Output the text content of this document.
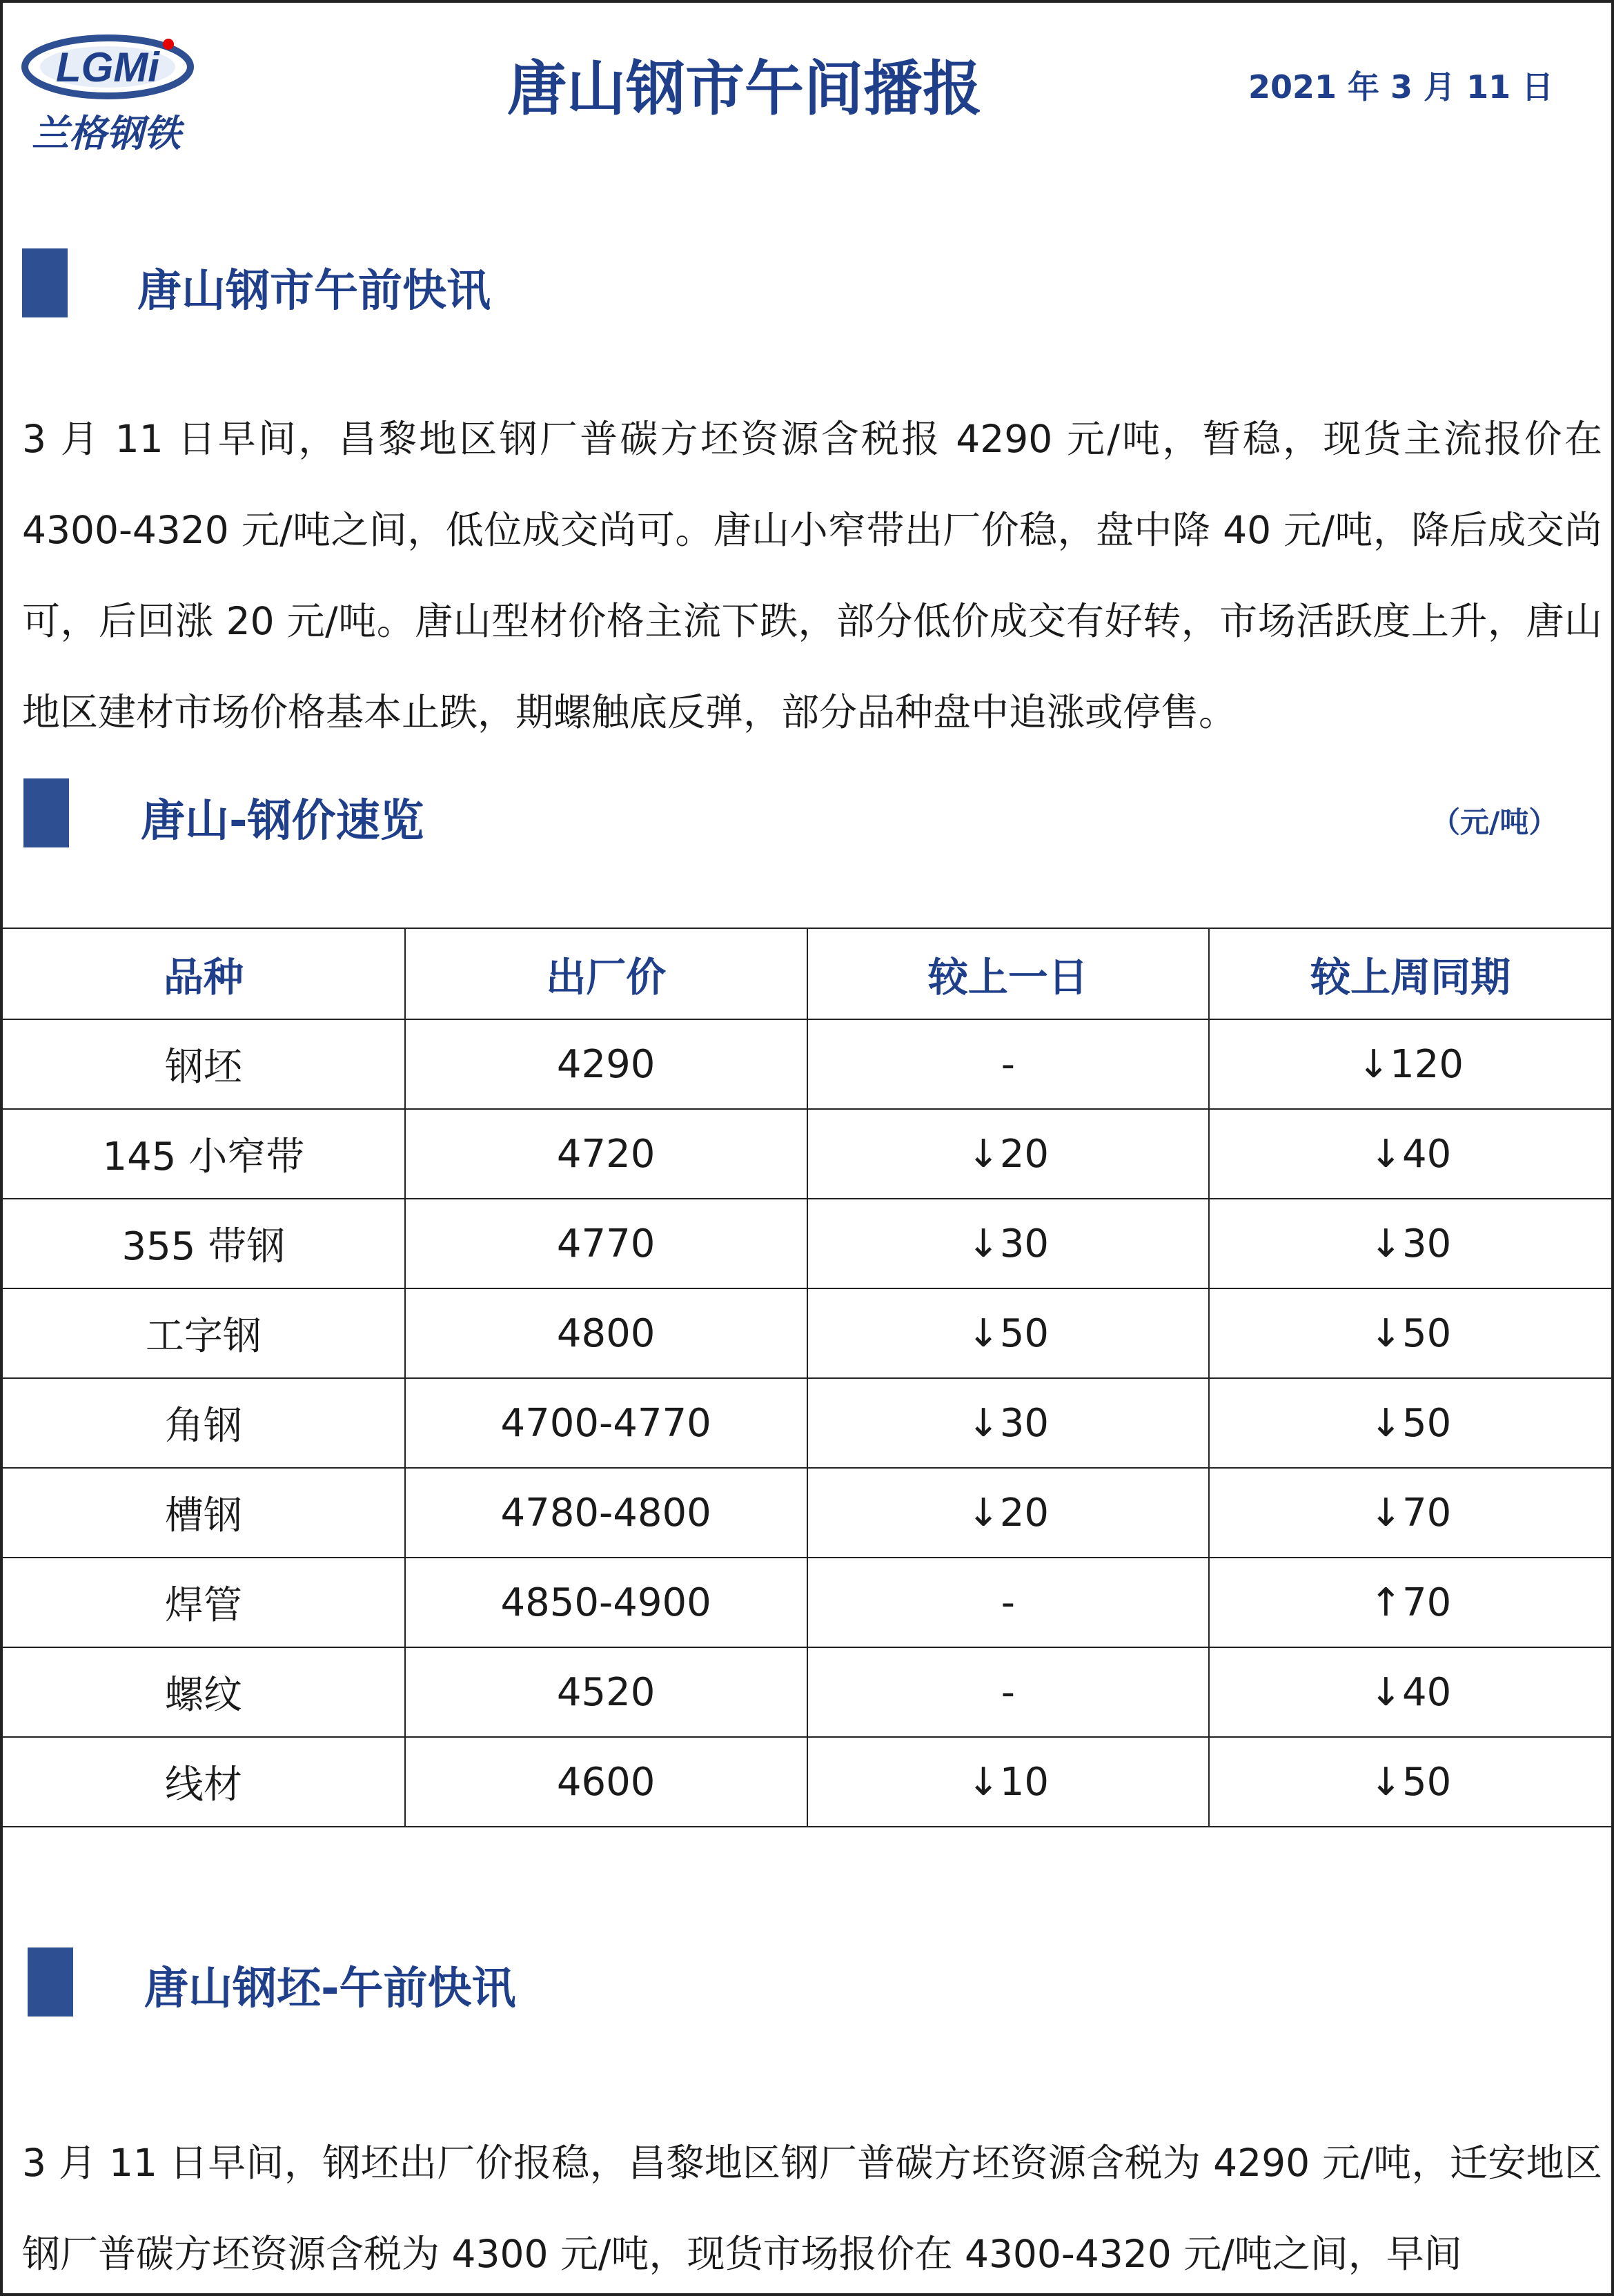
LGMi
兰格钢铁
唐山钢市午间播报	2021 年 3 月 11 日
唐山钢市午前快讯
3 月 11 日早间，昌黎地区钢厂普碳方坯资源含税报 4290 元/吨，暂稳，现货主流报价在 4300-4320 元/吨之间，低位成交尚可。唐山小窄带出厂价稳，盘中降 40 元/吨，降后成交尚可，后回涨 20 元/吨。唐山型材价格主流下跌，部分低价成交有好转，市场活跃度上升，唐山地区建材市场价格基本止跌，期螺触底反弹，部分品种盘中追涨或停售。
唐山-钢价速览	（元/吨）
品种	出厂价	较上一日	较上周同期
钢坯	4290	-	↓120
145 小窄带	4720	↓20	↓40
355 带钢	4770	↓30	↓30
工字钢	4800	↓50	↓50
角钢	4700-4770	↓30	↓50
槽钢	4780-4800	↓20	↓70
焊管	4850-4900	-	↑70
螺纹	4520	-	↓40
线材	4600	↓10	↓50
唐山钢坯-午前快讯
3 月 11 日早间，钢坯出厂价报稳，昌黎地区钢厂普碳方坯资源含税为 4290 元/吨，迁安地区钢厂普碳方坯资源含税为 4300 元/吨，现货市场报价在 4300-4320 元/吨之间，早间
